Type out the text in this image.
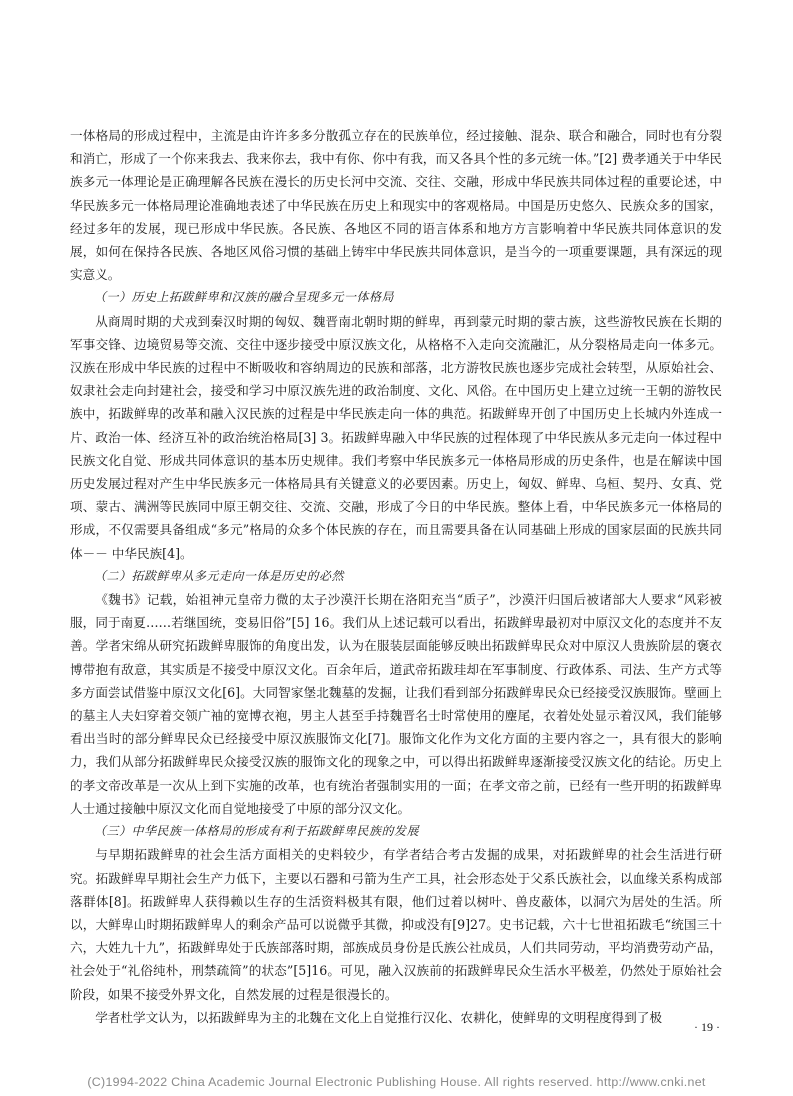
一体格局的形成过程中，主流是由许许多多分散孤立存在的民族单位，经过接触、混杂、联合和融合，同时也有分裂和消亡，形成了一个你来我去、我来你去，我中有你、你中有我，而又各具个性的多元统一体。”[2] 费孝通关于中华民族多元一体理论是正确理解各民族在漫长的历史长河中交流、交往、交融，形成中华民族共同体过程的重要论述，中华民族多元一体格局理论准确地表述了中华民族在历史上和现实中的客观格局。中国是历史悠久、民族众多的国家，经过多年的发展，现已形成中华民族。各民族、各地区不同的语言体系和地方方言影响着中华民族共同体意识的发展，如何在保持各民族、各地区风俗习惯的基础上铸牢中华民族共同体意识，是当今的一项重要课题，具有深远的现实意义。

（一）历史上拓跋鲜卑和汉族的融合呈现多元一体格局

从商周时期的犬戎到秦汉时期的匈奴、魏晋南北朝时期的鲜卑，再到蒙元时期的蒙古族，这些游牧民族在长期的军事交锋、边境贸易等交流、交往中逐步接受中原汉族文化，从格格不入走向交流融汇，从分裂格局走向一体多元。汉族在形成中华民族的过程中不断吸收和容纳周边的民族和部落，北方游牧民族也逐步完成社会转型，从原始社会、奴隶社会走向封建社会，接受和学习中原汉族先进的政治制度、文化、风俗。在中国历史上建立过统一王朝的游牧民族中，拓跋鲜卑的改革和融入汉民族的过程是中华民族走向一体的典范。拓跋鲜卑开创了中国历史上长城内外连成一片、政治一体、经济互补的政治统治格局[3] 3。拓跋鲜卑融入中华民族的过程体现了中华民族从多元走向一体过程中民族文化自觉、形成共同体意识的基本历史规律。我们考察中华民族多元一体格局形成的历史条件，也是在解读中国历史发展过程对产生中华民族多元一体格局具有关键意义的必要因素。历史上，匈奴、鲜卑、乌桓、契丹、女真、党项、蒙古、满洲等民族同中原王朝交往、交流、交融，形成了今日的中华民族。整体上看，中华民族多元一体格局的形成，不仅需要具备组成“多元”格局的众多个体民族的存在，而且需要具备在认同基础上形成的国家层面的民族共同体－－ 中华民族[4]。

（二）拓跋鲜卑从多元走向一体是历史的必然

《魏书》记载，始祖神元皇帝力微的太子沙漠汗长期在洛阳充当“质子”，沙漠汗归国后被诸部大人要求“风彩被服，同于南夏……若继国统，变易旧俗”[5] 16。我们从上述记载可以看出，拓跋鲜卑最初对中原汉文化的态度并不友善。学者宋绵从研究拓跋鲜卑服饰的角度出发，认为在服装层面能够反映出拓跋鲜卑民众对中原汉人贵族阶层的褒衣博带抱有敌意，其实质是不接受中原汉文化。百余年后，道武帝拓跋珪却在军事制度、行政体系、司法、生产方式等多方面尝试借鉴中原汉文化[6]。大同智家堡北魏墓的发掘，让我们看到部分拓跋鲜卑民众已经接受汉族服饰。壁画上的墓主人夫妇穿着交领广袖的宽博衣袍，男主人甚至手持魏晋名士时常使用的麈尾，衣着处处显示着汉风，我们能够看出当时的部分鲜卑民众已经接受中原汉族服饰文化[7]。服饰文化作为文化方面的主要内容之一，具有很大的影响力，我们从部分拓跋鲜卑民众接受汉族的服饰文化的现象之中，可以得出拓跋鲜卑逐渐接受汉族文化的结论。历史上的孝文帝改革是一次从上到下实施的改革，也有统治者强制实用的一面；在孝文帝之前，已经有一些开明的拓跋鲜卑人士通过接触中原汉文化而自觉地接受了中原的部分汉文化。

（三）中华民族一体格局的形成有利于拓跋鲜卑民族的发展

与早期拓跋鲜卑的社会生活方面相关的史料较少，有学者结合考古发掘的成果，对拓跋鲜卑的社会生活进行研究。拓跋鲜卑早期社会生产力低下，主要以石器和弓箭为生产工具，社会形态处于父系氏族社会，以血缘关系构成部落群体[8]。拓跋鲜卑人获得赖以生存的生活资料极其有限，他们过着以树叶、兽皮蔽体，以洞穴为居处的生活。所以，大鲜卑山时期拓跋鲜卑人的剩余产品可以说微乎其微，抑或没有[9]27。史书记载，六十七世祖拓跋毛“统国三十六，大姓九十九”，拓跋鲜卑处于氏族部落时期，部族成员身份是氏族公社成员，人们共同劳动，平均消费劳动产品，社会处于“礼俗纯朴，刑禁疏简”的状态”[5]16。可见，融入汉族前的拓跋鲜卑民众生活水平极差，仍然处于原始社会阶段，如果不接受外界文化，自然发展的过程是很漫长的。

学者杜学文认为，以拓跋鲜卑为主的北魏在文化上自觉推行汉化、农耕化，使鲜卑的文明程度得到了极

· 19 ·
(C)1994-2022 China Academic Journal Electronic Publishing House. All rights reserved. http://www.cnki.net
